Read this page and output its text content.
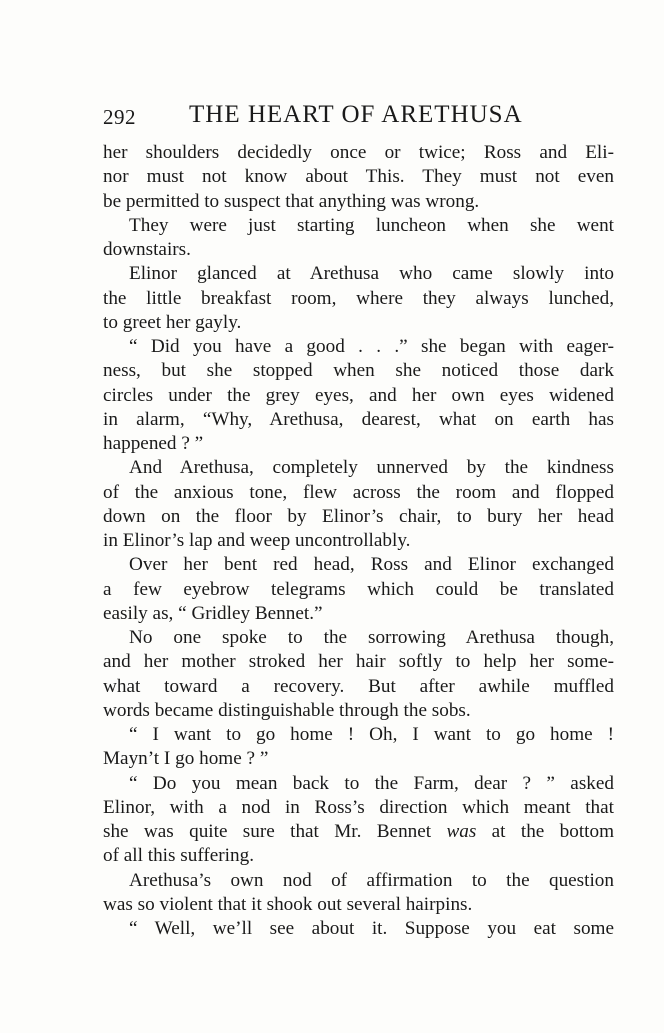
292 THE HEART OF ARETHUSA
her shoulders decidedly once or twice; Ross and Eli-
nor must not know about This. They must not even
be permitted to suspect that anything was wrong.
They were just starting luncheon when she went
downstairs.
Elinor glanced at Arethusa who came slowly into
the little breakfast room, where they always lunched,
to greet her gayly.
“ Did you have a good . . .” she began with eager-
ness, but she stopped when she noticed those dark
circles under the grey eyes, and her own eyes widened
in alarm, “Why, Arethusa, dearest, what on earth has
happened ? ”
And Arethusa, completely unnerved by the kindness
of the anxious tone, flew across the room and flopped
down on the floor by Elinor’s chair, to bury her head
in Elinor’s lap and weep uncontrollably.
Over her bent red head, Ross and Elinor exchanged
a few eyebrow telegrams which could be translated
easily as, “ Gridley Bennet.”
No one spoke to the sorrowing Arethusa though,
and her mother stroked her hair softly to help her some-
what toward a recovery. But after awhile muffled
words became distinguishable through the sobs.
“ I want to go home ! Oh, I want to go home !
Mayn’t I go home ? ”
“ Do you mean back to the Farm, dear ? ” asked
Elinor, with a nod in Ross’s direction which meant that
she was quite sure that Mr. Bennet was at the bottom
of all this suffering.
Arethusa’s own nod of affirmation to the question
was so violent that it shook out several hairpins.
“ Well, we’ll see about it. Suppose you eat some
